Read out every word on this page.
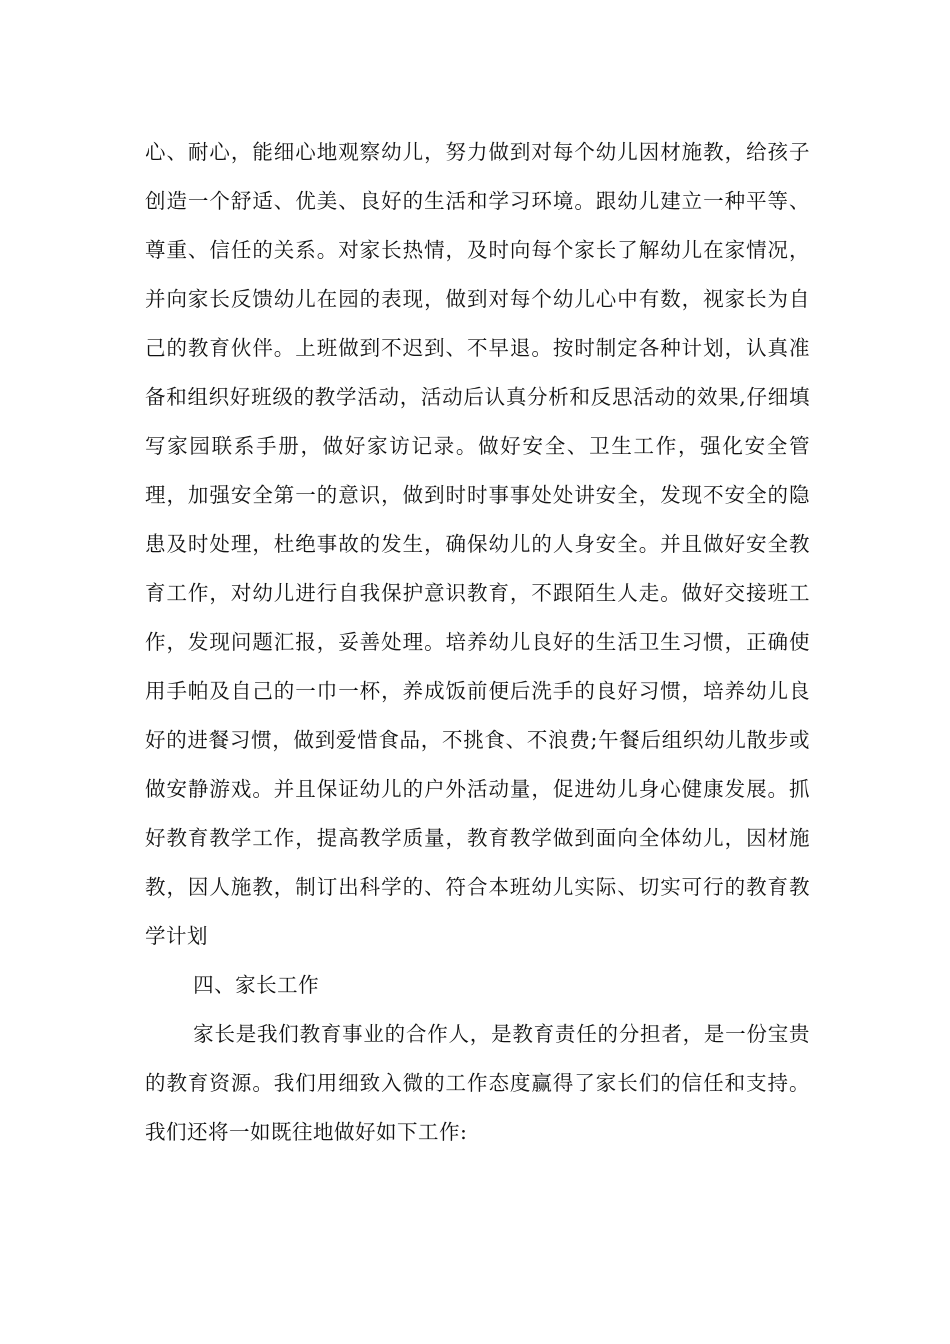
心、耐心，能细心地观察幼儿，努力做到对每个幼儿因材施教，给孩子创造一个舒适、优美、良好的生活和学习环境。跟幼儿建立一种平等、尊重、信任的关系。对家长热情，及时向每个家长了解幼儿在家情况，并向家长反馈幼儿在园的表现，做到对每个幼儿心中有数，视家长为自己的教育伙伴。上班做到不迟到、不早退。按时制定各种计划，认真准备和组织好班级的教学活动，活动后认真分析和反思活动的效果,仔细填写家园联系手册，做好家访记录。做好安全、卫生工作，强化安全管理，加强安全第一的意识，做到时时事事处处讲安全，发现不安全的隐患及时处理，杜绝事故的发生，确保幼儿的人身安全。并且做好安全教育工作，对幼儿进行自我保护意识教育，不跟陌生人走。做好交接班工作，发现问题汇报，妥善处理。培养幼儿良好的生活卫生习惯，正确使用手帕及自己的一巾一杯，养成饭前便后洗手的良好习惯，培养幼儿良好的进餐习惯，做到爱惜食品，不挑食、不浪费;午餐后组织幼儿散步或做安静游戏。并且保证幼儿的户外活动量，促进幼儿身心健康发展。抓好教育教学工作，提高教学质量，教育教学做到面向全体幼儿，因材施教，因人施教，制订出科学的、符合本班幼儿实际、切实可行的教育教学计划

四、家长工作

家长是我们教育事业的合作人，是教育责任的分担者，是一份宝贵的教育资源。我们用细致入微的工作态度赢得了家长们的信任和支持。我们还将一如既往地做好如下工作:
